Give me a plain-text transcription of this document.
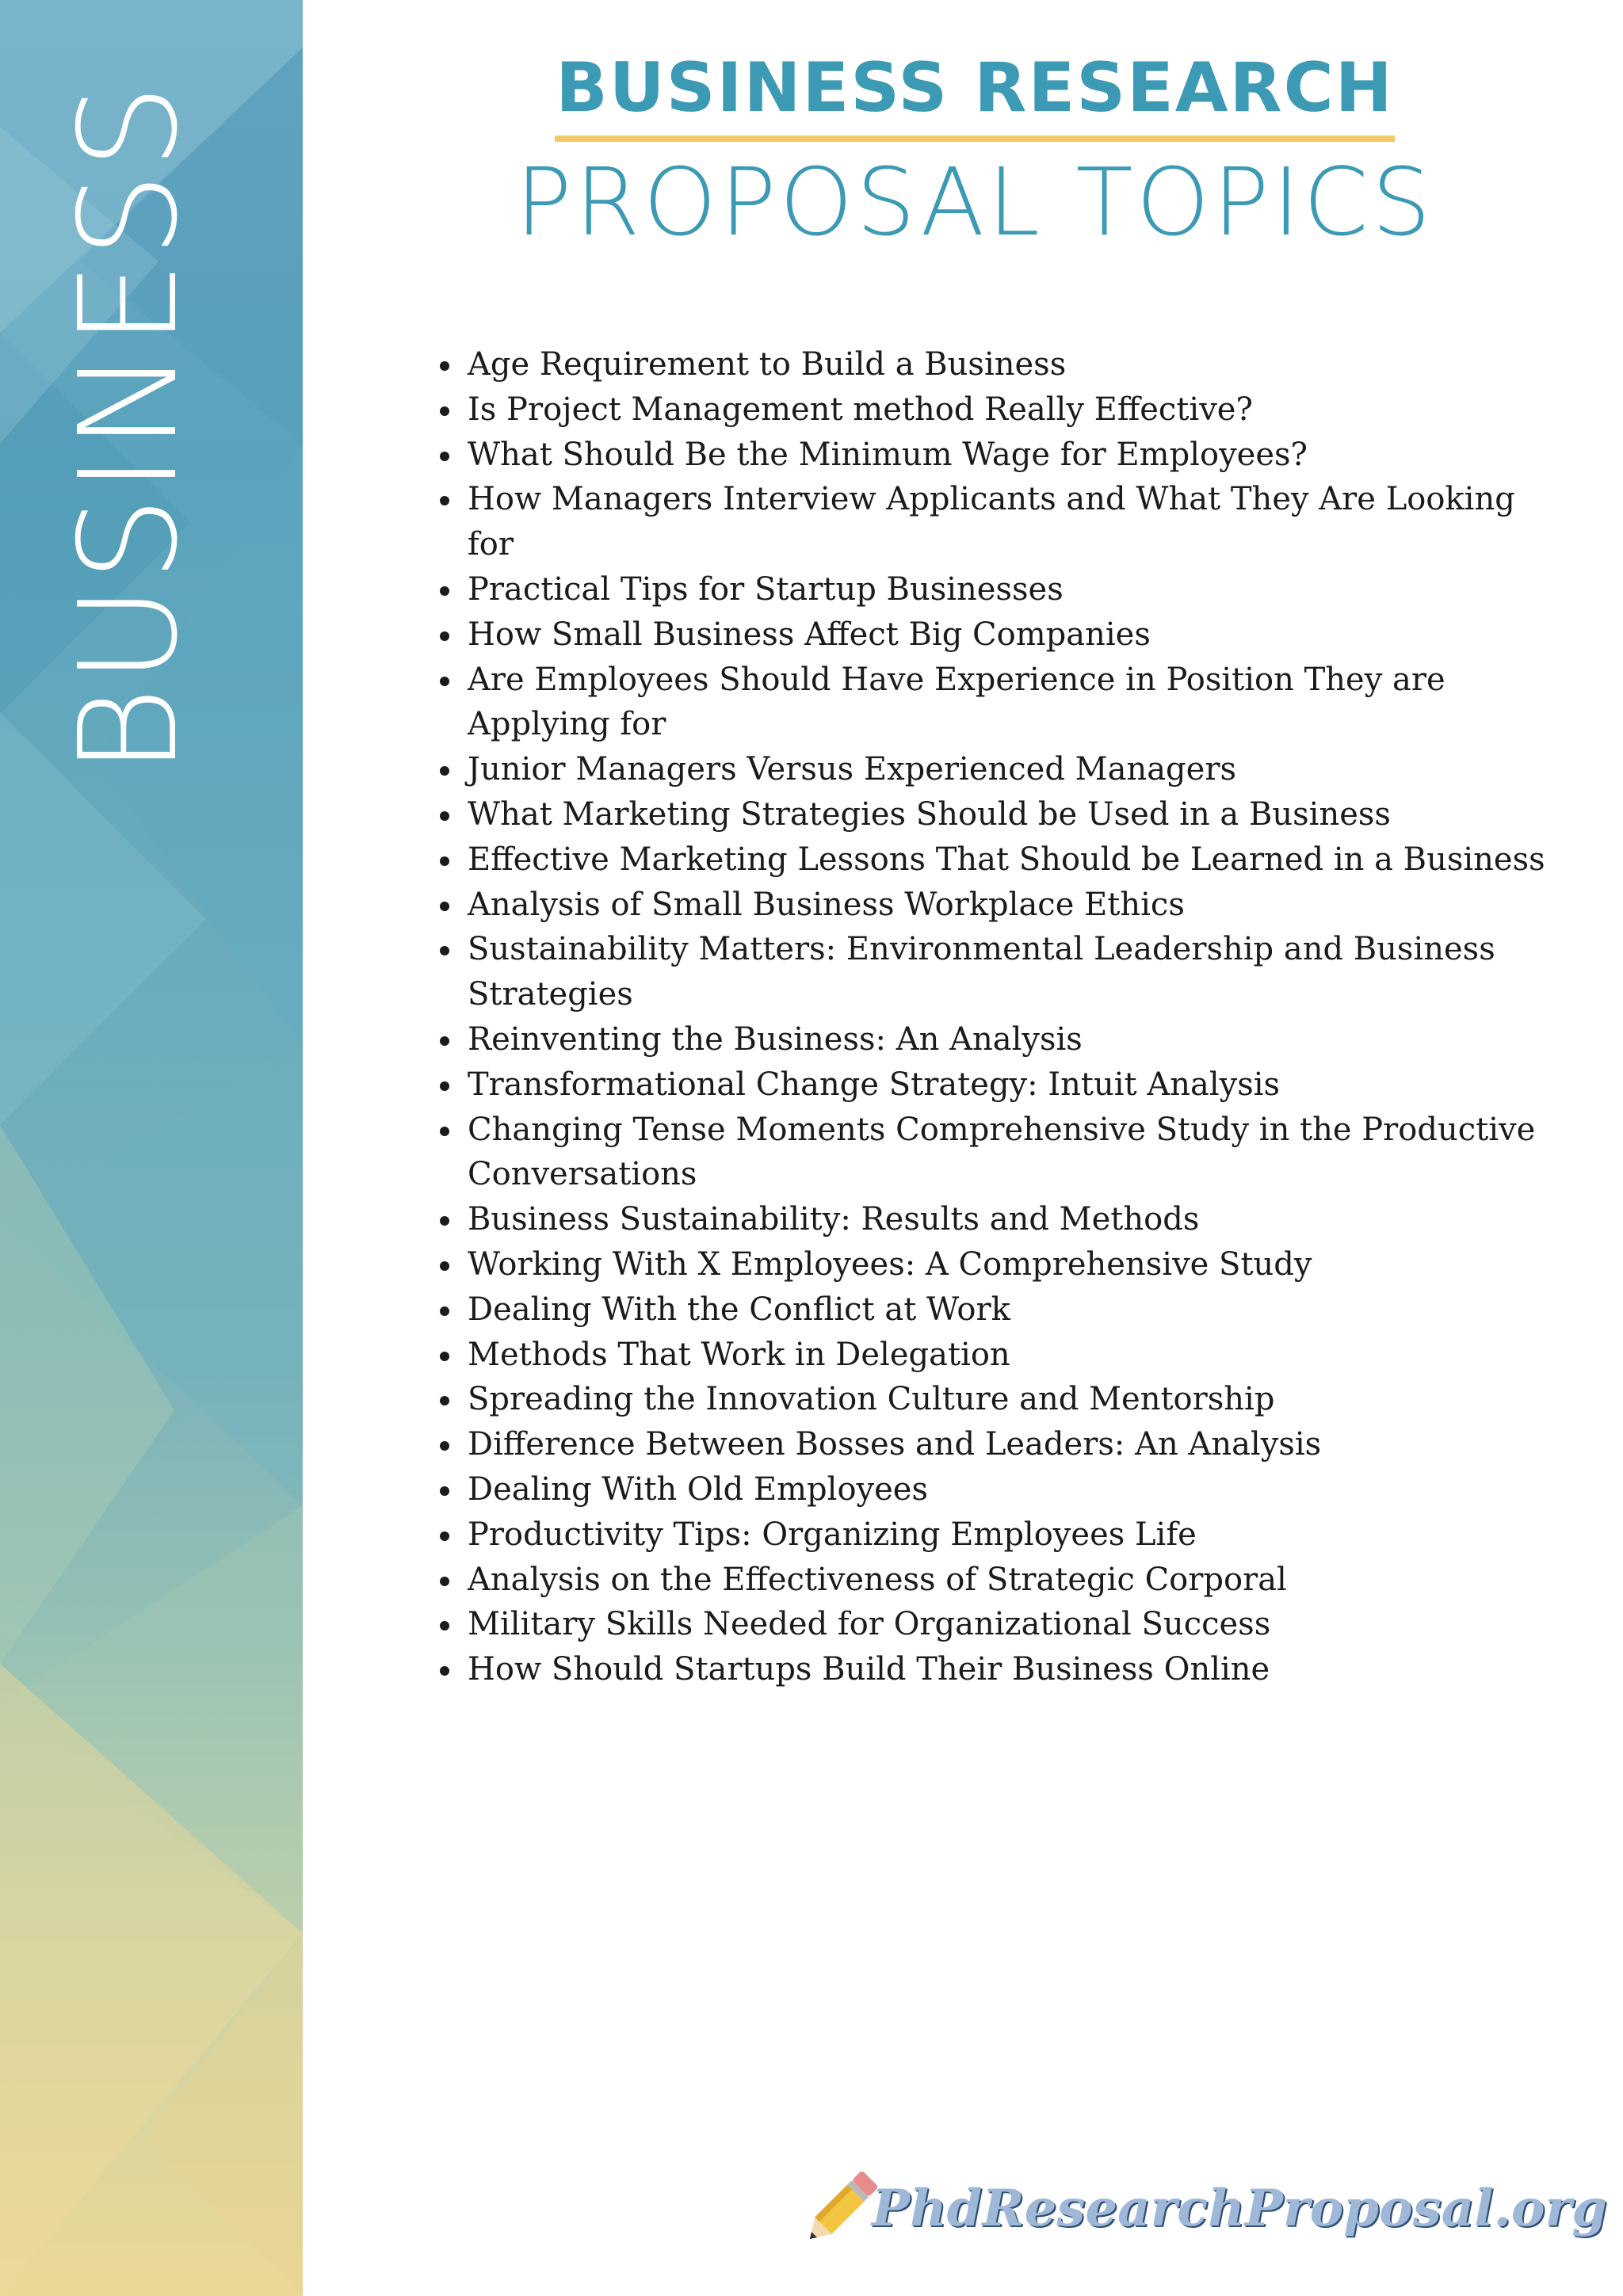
BUSINESS	BUSINESS RESEARCH
PROPOSAL TOPICS
Age Requirement to Build a Business
Is Project Management method Really Effective?
What Should Be the Minimum Wage for Employees?
How Managers Interview Applicants and What They Are Looking for
Practical Tips for Startup Businesses
How Small Business Affect Big Companies
Are Employees Should Have Experience in Position They are Applying for
Junior Managers Versus Experienced Managers
What Marketing Strategies Should be Used in a Business
Effective Marketing Lessons That Should be Learned in a Business
Analysis of Small Business Workplace Ethics
Sustainability Matters: Environmental Leadership and Business Strategies
Reinventing the Business: An Analysis
Transformational Change Strategy: Intuit Analysis
Changing Tense Moments Comprehensive Study in the Productive Conversations
Business Sustainability: Results and Methods
Working With X Employees: A Comprehensive Study
Dealing With the Conflict at Work
Methods That Work in Delegation
Spreading the Innovation Culture and Mentorship
Difference Between Bosses and Leaders: An Analysis
Dealing With Old Employees
Productivity Tips: Organizing Employees Life
Analysis on the Effectiveness of Strategic Corporal
Military Skills Needed for Organizational Success
How Should Startups Build Their Business Online
PhdResearchProposal.org
